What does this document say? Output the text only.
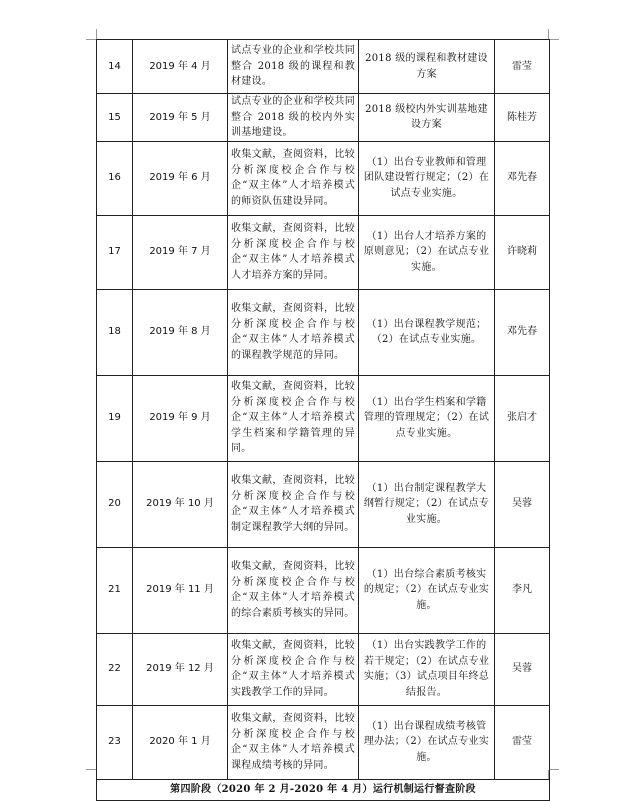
14	2019 年 4 月	试点专业的企业和学校共同整合 2018 级的课程和教材建设。	2018 级的课程和教材建设方案	雷莹
15	2019 年 5 月	试点专业的企业和学校共同整合 2018 级的校内外实训基地建设。	2018 级校内外实训基地建设方案	陈桂芳
16	2019 年 6 月	收集文献，查阅资料，比较分析深度校企合作与校企“双主体”人才培养模式的师资队伍建设异同。	（1）出台专业教师和管理团队建设暂行规定；（2）在试点专业实施。	邓先春
17	2019 年 7 月	收集文献，查阅资料，比较分析深度校企合作与校企“双主体”人才培养模式人才培养方案的异同。	（1）出台人才培养方案的原则意见；（2）在试点专业实施。	许晓莉
18	2019 年 8 月	收集文献，查阅资料，比较分析深度校企合作与校企“双主体”人才培养模式的课程教学规范的异同。	（1）出台课程教学规范；（2）在试点专业实施。	邓先春
19	2019 年 9 月	收集文献，查阅资料，比较分析深度校企合作与校企“双主体”人才培养模式学生档案和学籍管理的异同。	（1）出台学生档案和学籍管理的管理规定；（2）在试点专业实施。	张启才
20	2019 年 10 月	收集文献，查阅资料，比较分析深度校企合作与校企“双主体”人才培养模式制定课程教学大纲的异同。	（1）出台制定课程教学大纲暂行规定；（2）在试点专业实施。	吴蓉
21	2019 年 11 月	收集文献，查阅资料，比较分析深度校企合作与校企“双主体”人才培养模式的综合素质考核实的异同。	（1）出台综合素质考核实的规定；（2）在试点专业实施。	李凡
22	2019 年 12 月	收集文献，查阅资料，比较分析深度校企合作与校企“双主体”人才培养模式实践教学工作的异同。	（1）出台实践教学工作的若干规定；（2）在试点专业实施；（3）试点项目年终总结报告。	吴蓉
23	2020 年 1 月	收集文献，查阅资料，比较分析深度校企合作与校企“双主体”人才培养模式课程成绩考核的异同。	（1）出台课程成绩考核管理办法；（2）在试点专业实施。	雷莹
第四阶段（2020 年 2 月-2020 年 4 月）运行机制运行督查阶段				
